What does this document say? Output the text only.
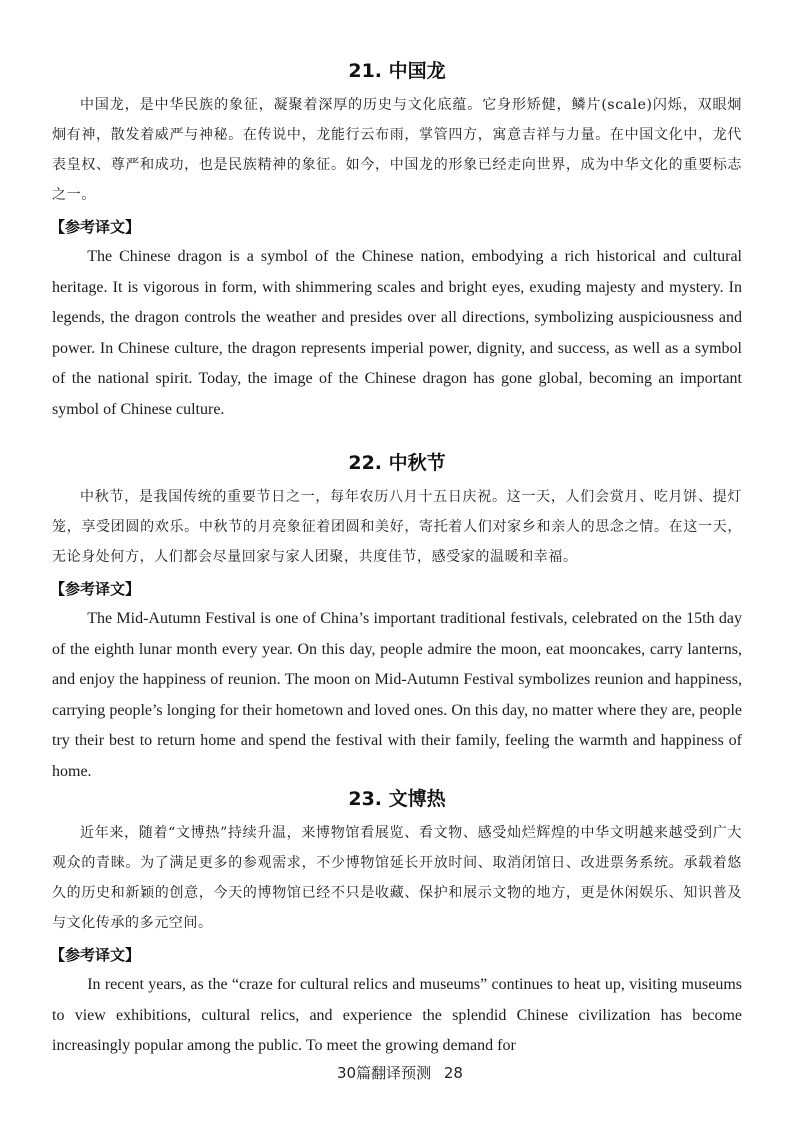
21. 中国龙

中国龙，是中华民族的象征，凝聚着深厚的历史与文化底蕴。它身形矫健，鳞片(scale)闪烁，双眼炯炯有神，散发着威严与神秘。在传说中，龙能行云布雨，掌管四方，寓意吉祥与力量。在中国文化中，龙代表皇权、尊严和成功，也是民族精神的象征。如今，中国龙的形象已经走向世界，成为中华文化的重要标志之一。

【参考译文】

The Chinese dragon is a symbol of the Chinese nation, embodying a rich historical and cultural heritage. It is vigorous in form, with shimmering scales and bright eyes, exuding majesty and mystery. In legends, the dragon controls the weather and presides over all directions, symbolizing auspiciousness and power. In Chinese culture, the dragon represents imperial power, dignity, and success, as well as a symbol of the national spirit. Today, the image of the Chinese dragon has gone global, becoming an important symbol of Chinese culture.

22. 中秋节

中秋节，是我国传统的重要节日之一，每年农历八月十五日庆祝。这一天，人们会赏月、吃月饼、提灯笼，享受团圆的欢乐。中秋节的月亮象征着团圆和美好，寄托着人们对家乡和亲人的思念之情。在这一天，无论身处何方，人们都会尽量回家与家人团聚，共度佳节，感受家的温暖和幸福。

【参考译文】

The Mid-Autumn Festival is one of China’s important traditional festivals, celebrated on the 15th day of the eighth lunar month every year. On this day, people admire the moon, eat mooncakes, carry lanterns, and enjoy the happiness of reunion. The moon on Mid-Autumn Festival symbolizes reunion and happiness, carrying people’s longing for their hometown and loved ones. On this day, no matter where they are, people try their best to return home and spend the festival with their family, feeling the warmth and happiness of home.

23. 文博热

近年来，随着“文博热”持续升温，来博物馆看展览、看文物、感受灿烂辉煌的中华文明越来越受到广大观众的青睐。为了满足更多的参观需求，不少博物馆延长开放时间、取消闭馆日、改进票务系统。承载着悠久的历史和新颖的创意，今天的博物馆已经不只是收藏、保护和展示文物的地方，更是休闲娱乐、知识普及与文化传承的多元空间。

【参考译文】

In recent years, as the “craze for cultural relics and museums” continues to heat up, visiting museums to view exhibitions, cultural relics, and experience the splendid Chinese civilization has become increasingly popular among the public. To meet the growing demand for

30篇翻译预测 28
